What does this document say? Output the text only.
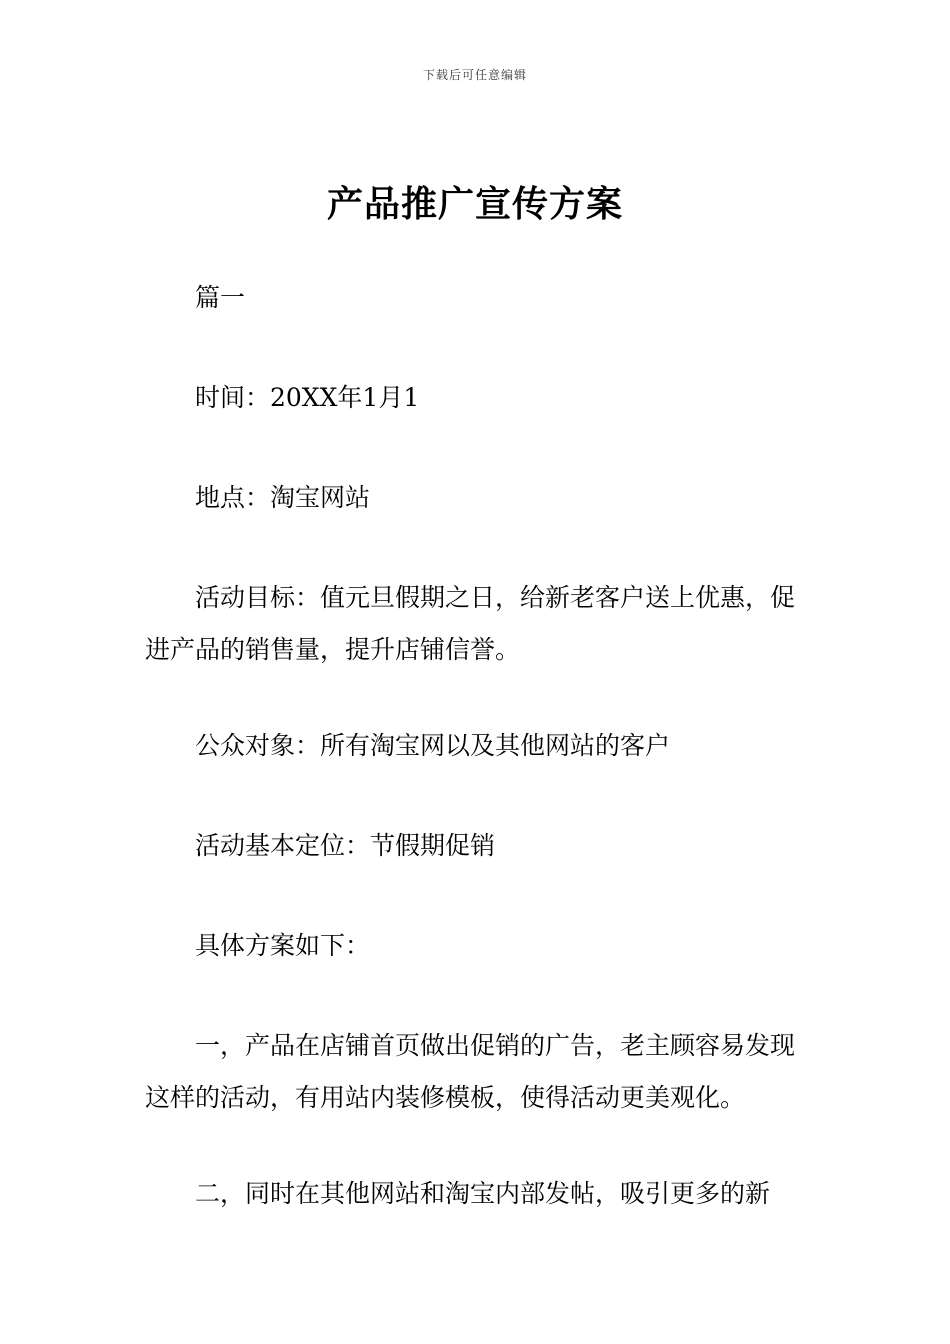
下载后可任意编辑
产品推广宣传方案

篇一

时间：20XX年1月1

地点：淘宝网站

活动目标：值元旦假期之日，给新老客户送上优惠，促进产品的销售量，提升店铺信誉。

公众对象：所有淘宝网以及其他网站的客户

活动基本定位：节假期促销

具体方案如下：

一，产品在店铺首页做出促销的广告，老主顾容易发现这样的活动，有用站内装修模板，使得活动更美观化。

二，同时在其他网站和淘宝内部发帖，吸引更多的新
